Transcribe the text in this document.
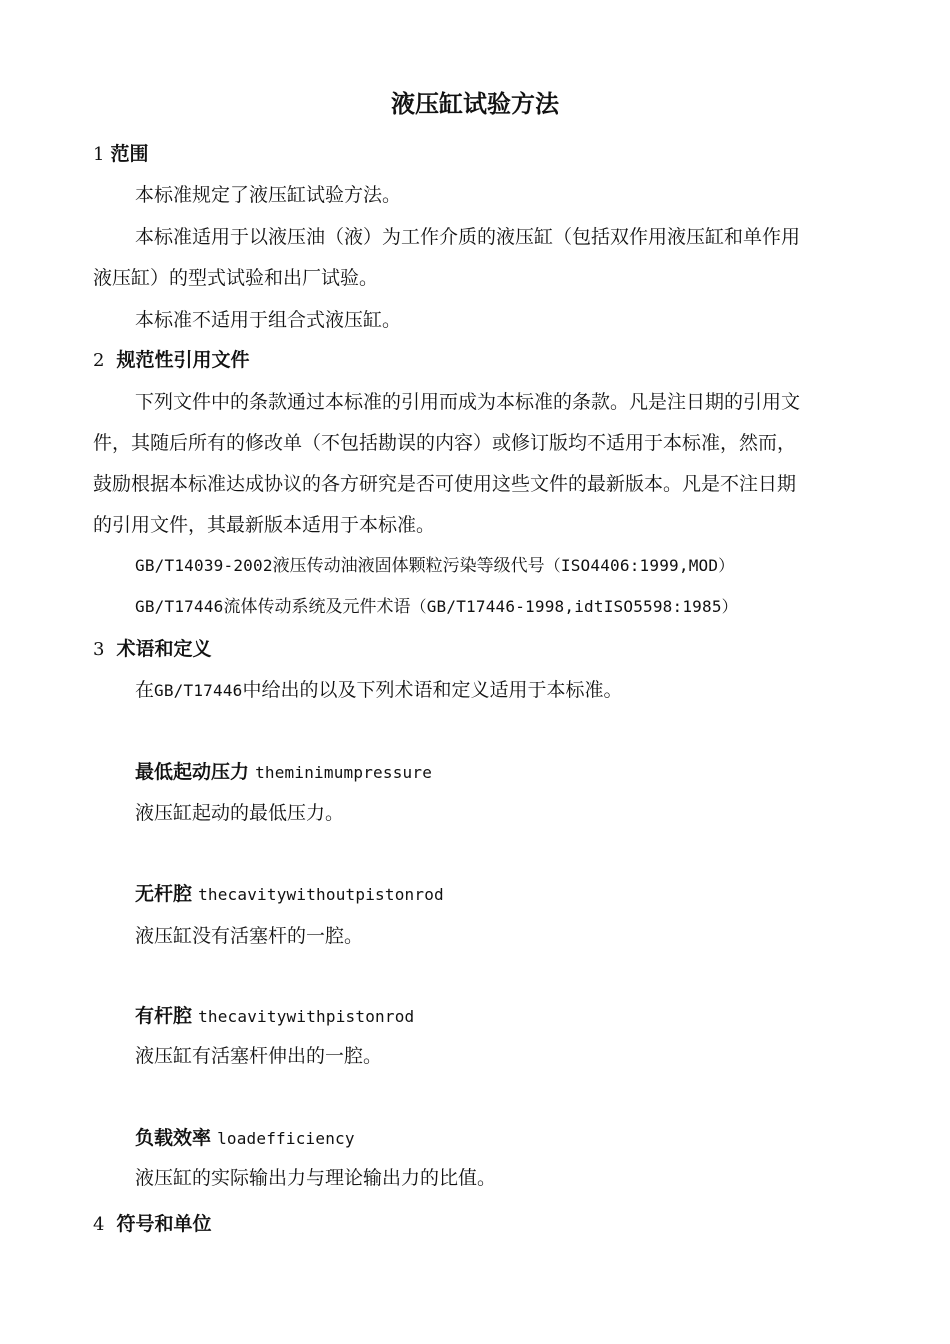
液压缸试验方法
1 范围
本标准规定了液压缸试验方法。
本标准适用于以液压油（液）为工作介质的液压缸（包括双作用液压缸和单作用
液压缸）的型式试验和出厂试验。
本标准不适用于组合式液压缸。
2 规范性引用文件
下列文件中的条款通过本标准的引用而成为本标准的条款。凡是注日期的引用文
件，其随后所有的修改单（不包括勘误的内容）或修订版均不适用于本标准，然而，
鼓励根据本标准达成协议的各方研究是否可使用这些文件的最新版本。凡是不注日期
的引用文件，其最新版本适用于本标准。
GB/T14039-2002液压传动油液固体颗粒污染等级代号（ISO4406:1999,MOD）
GB/T17446流体传动系统及元件术语（GB/T17446-1998,idtISO5598:1985）
3 术语和定义
在GB/T17446中给出的以及下列术语和定义适用于本标准。
最低起动压力 theminimumpressure
液压缸起动的最低压力。
无杆腔 thecavitywithoutpistonrod
液压缸没有活塞杆的一腔。
有杆腔 thecavitywithpistonrod
液压缸有活塞杆伸出的一腔。
负载效率 loadefficiency
液压缸的实际输出力与理论输出力的比值。
4 符号和单位
